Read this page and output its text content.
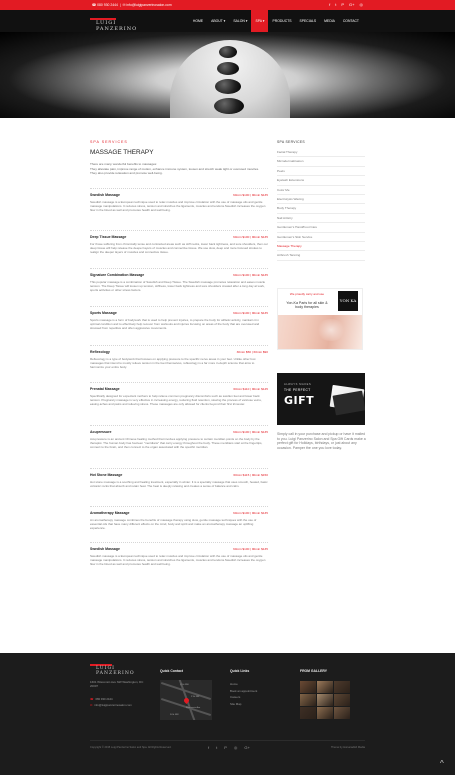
☎ 080 930 2444  |  ✉ info@luigipanzerinosalon.com	f t P G+ ◎
LUIGI PANZERINO
HOME	ABOUT ▾	SALON ▾	SPA ▾	PRODUCTS	SPECIALS	MEDIA	CONTACT
SPA SERVICES
MASSAGE THERAPY

There are many wonderful benefits to massages:

They alleviate pain, improve range of motion, enhance immune system, loosen and stretch weak tight or overused muscles.

They also provide relaxation and promote well-being.

Swedish Massage	60min $100 | 90min $135
Swedish massage is a European technique used to relax muscles and improve circulation with the use of massage oils and gentle massage manipulations. It reduces stress, tension and stretches the ligaments, muscles and tendons.Swedish increases the oxygen flow in the blood as well and promotes health and well being.
Deep Tissue Massage	60min $100 | 90min $135
For those suffering from chronically tense and contracted areas such as stiff necks, lower back tightness, and sore shoulders, then our deep tissue will help release the deeper layers of muscles and connective tissue. We use slow, deep and more focused strokes to realign the deeper layers of muscles and connective tissue.
Signature Combination Massage	60min $100 | 90min $135
This popular massage is a combination of Swedish and Deep Tissue. The Swedish massage promotes relaxation and eases muscle tension. The Deep Tissue will loosen up tension, stiffness, lower back tightness and sore shoulders created after a long day at work, sports activities or other stress factors.
Sports Massage	60min $100 | 90min $135
Sports massage is a form of bodywork that is used to help prevent injuries, to prepare the body for athletic activity, maintain it in optimal condition and to effectively help recover from workouts and injuries focusing on areas of the body that are overused and stressed from repetitive and often aggressive movements.
Reflexology	30min $50 | 60min $90
Reflexology is a type of bodywork that focuses on applying pressure to the specific nerve areas in your feet. Unlike other foot massages that intend to mostly relieve tension in the feet themselves, reflexology is a far more in-depth science that aims to harmonize your entire body.
Prenatal Massage	60min $110 | 90min $145
Specifically designed for expectant mothers to help relieve common pregnancy discomforts such as swollen feet and lower back tension. Pregnancy massage is very effective in increasing energy, reducing fluid retention, slowing the process of varicose veins, easing aches and pains and relieving stress. These massages are only allowed for clients beyond their first trimester.
Acupressure	60min $100 | 90min $135
Acupressure is an ancient Chinese healing method that involves applying pressure to certain meridian points on the body by the therapist. The human body has fourteen "meridians" that carry energy throughout the body. These meridians start at the fingertips, connect to the brain, and then connect to the organ associated with the specific meridian.
Hot Stone Massage	60min $115 | 90min $150
Hot stone massage is a soothing and healing treatment, especially in winter. It is a specialty massage that uses smooth, heated, basic volcanic rocks that absorb and retain heat. The heat is deeply relaxing and creates a sense of balance and calm.
Aromatherapy Massage	60min $100 | 90min $135
An aromatherapy massage combines the benefits of massage therapy using slow, gentle massage techniques with the use of essential oils that have many different effects on the mind, body and spirit and make an aromatherapy massage an uplifting experience.
Swedish Massage	60min $100 | 90min $135
Swedish massage is a European technique used to relax muscles and improve circulation with the use of massage oils and gentle massage manipulations. It reduces stress, tension and stretches the ligaments, muscles and tendons.Swedish increases the oxygen flow in the blood as well and promotes health and well being.
SPA SERVICES
Facial Therapy
Microdermabrasion
Peels
Eyelash Extensions
Color Me
Electrolysis Waxing
Body Therapy
Nail Artistry
Gentlemen's Hand/Foot Care
Gentlemen's Skin Service
Massage Therapy
Airbrush Tanning
We proudly carry and use
Yon-Ka Paris for all skin & body therapies
YON KA
ALWAYS MAKES
THE PERFECT
GIFT
Simply call in your purchase and pickup or have it mailed to you. Luigi Panzerino Salon and Spa Gift Cards make a perfect gift for Holidays, birthdays, or just about any occasion. Pamper the one you love today.
LUIGI PANZERINO
1601 Wisconsin Ave NW Washington, DC 20007
☎ 080 930 2444
✉ info@luigipanzerinosalon.com
Quick Contact
Q St NW
P St NW
Wisconsin Ave
N St NW
Quick Links
Home
Book an appointment
Careers
Site Map
FROM GALLERY
Copyright © 2015 Luigi Panzerino Salon and Spa. All Rights Reserved.	f t P ◎ G+	Theme by Horseradish Media
^
